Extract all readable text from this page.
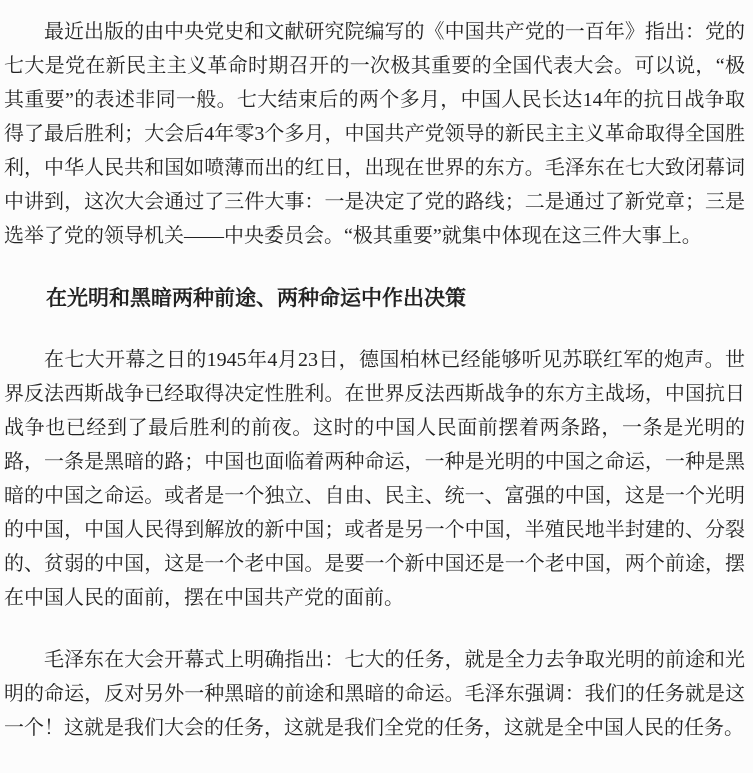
最近出版的由中央党史和文献研究院编写的《中国共产党的一百年》指出：党的七大是党在新民主主义革命时期召开的一次极其重要的全国代表大会。可以说，“极其重要”的表述非同一般。七大结束后的两个多月，中国人民长达14年的抗日战争取得了最后胜利；大会后4年零3个多月，中国共产党领导的新民主主义革命取得全国胜利，中华人民共和国如喷薄而出的红日，出现在世界的东方。毛泽东在七大致闭幕词中讲到，这次大会通过了三件大事：一是决定了党的路线；二是通过了新党章；三是选举了党的领导机关——中央委员会。“极其重要”就集中体现在这三件大事上。

在光明和黑暗两种前途、两种命运中作出决策

在七大开幕之日的1945年4月23日，德国柏林已经能够听见苏联红军的炮声。世界反法西斯战争已经取得决定性胜利。在世界反法西斯战争的东方主战场，中国抗日战争也已经到了最后胜利的前夜。这时的中国人民面前摆着两条路，一条是光明的路，一条是黑暗的路；中国也面临着两种命运，一种是光明的中国之命运，一种是黑暗的中国之命运。或者是一个独立、自由、民主、统一、富强的中国，这是一个光明的中国，中国人民得到解放的新中国；或者是另一个中国，半殖民地半封建的、分裂的、贫弱的中国，这是一个老中国。是要一个新中国还是一个老中国，两个前途，摆在中国人民的面前，摆在中国共产党的面前。

毛泽东在大会开幕式上明确指出：七大的任务，就是全力去争取光明的前途和光明的命运，反对另外一种黑暗的前途和黑暗的命运。毛泽东强调：我们的任务就是这一个！这就是我们大会的任务，这就是我们全党的任务，这就是全中国人民的任务。
